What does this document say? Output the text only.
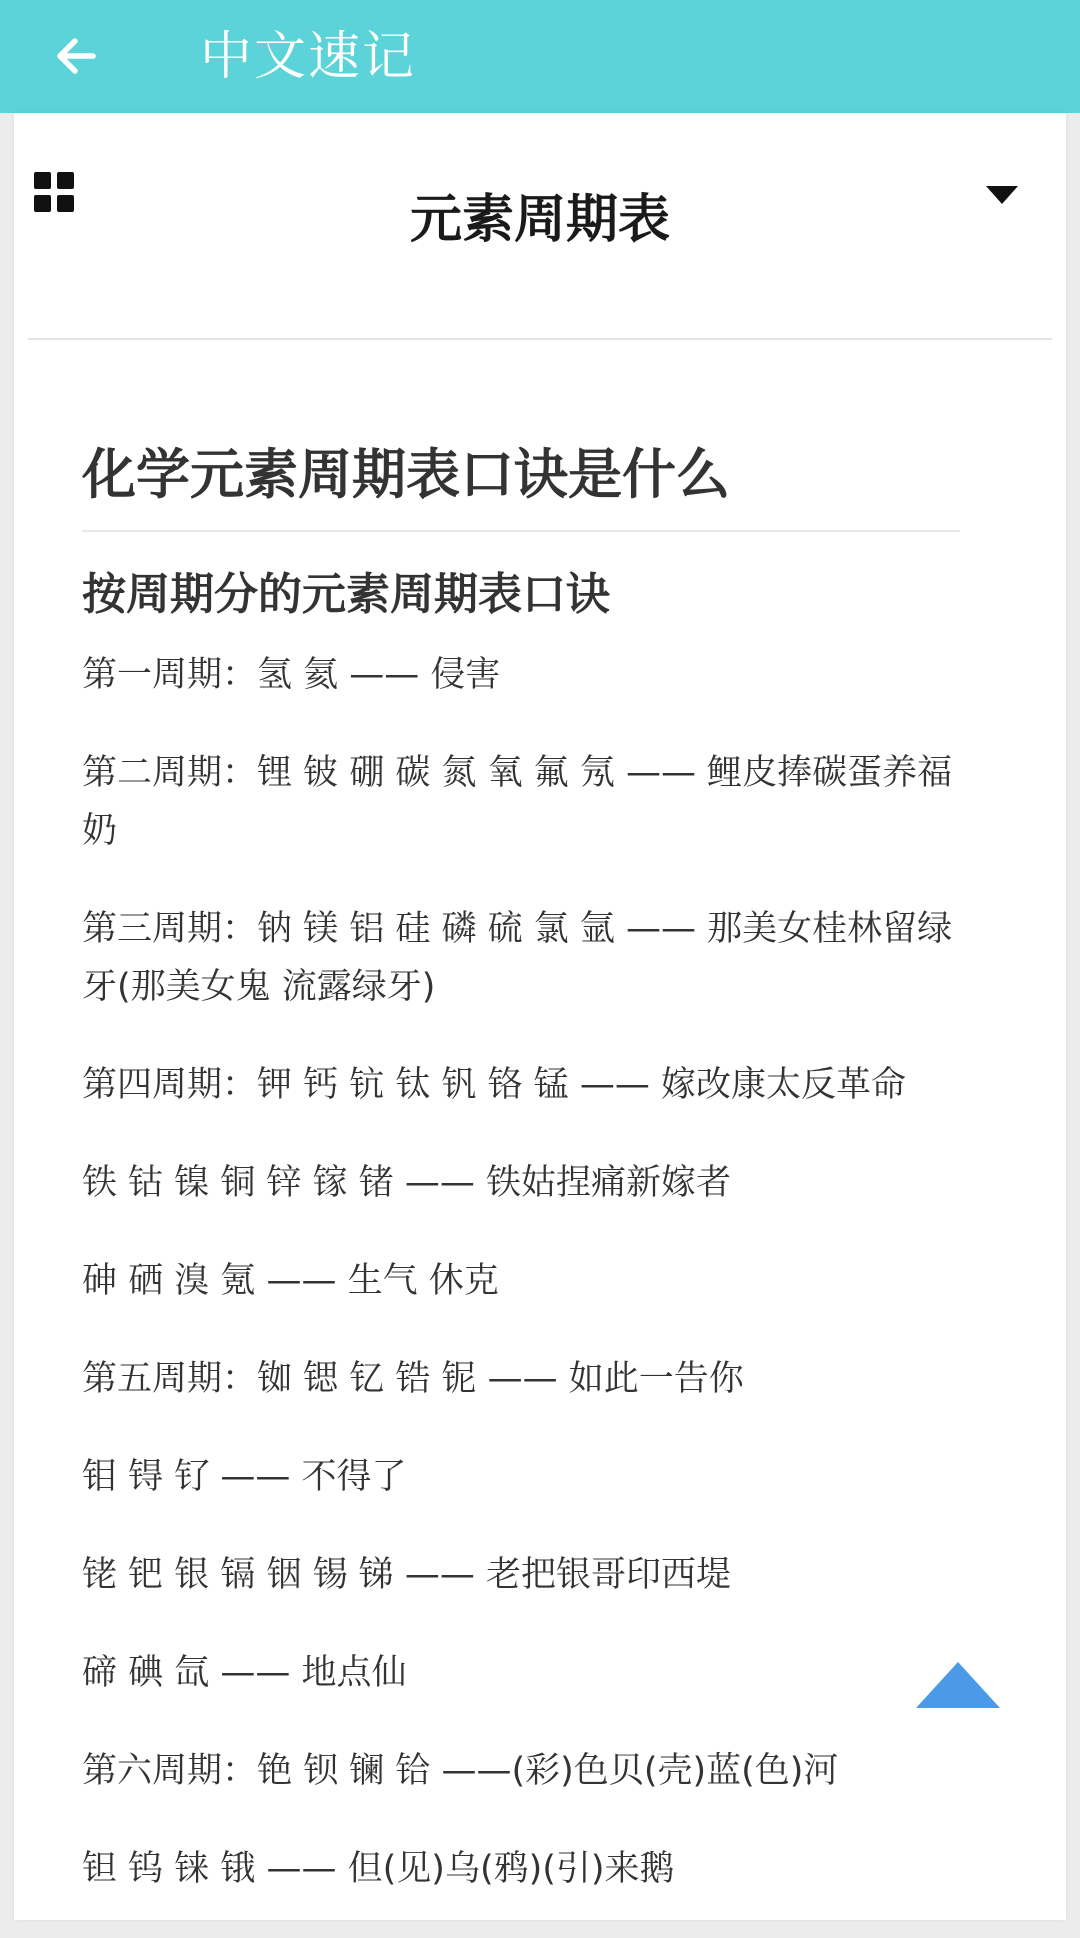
中文速记
元素周期表
化学元素周期表口诀是什么
按周期分的元素周期表口诀

第一周期：氢 氦 —— 侵害

第二周期：锂 铍 硼 碳 氮 氧 氟 氖 —— 鲤皮捧碳蛋养福奶

第三周期：钠 镁 铝 硅 磷 硫 氯 氩 —— 那美女桂林留绿牙(那美女鬼 流露绿牙)

第四周期：钾 钙 钪 钛 钒 铬 锰 —— 嫁改康太反革命

铁 钴 镍 铜 锌 镓 锗 —— 铁姑捏痛新嫁者

砷 硒 溴 氪 —— 生气 休克

第五周期：铷 锶 钇 锆 铌 —— 如此一告你

钼 锝 钌 —— 不得了

铑 钯 银 镉 铟 锡 锑 —— 老把银哥印西堤

碲 碘 氙 —— 地点仙

第六周期：铯 钡 镧 铪 ——(彩)色贝(壳)蓝(色)河

钽 钨 铼 锇 —— 但(见)乌(鸦)(引)来鹅
